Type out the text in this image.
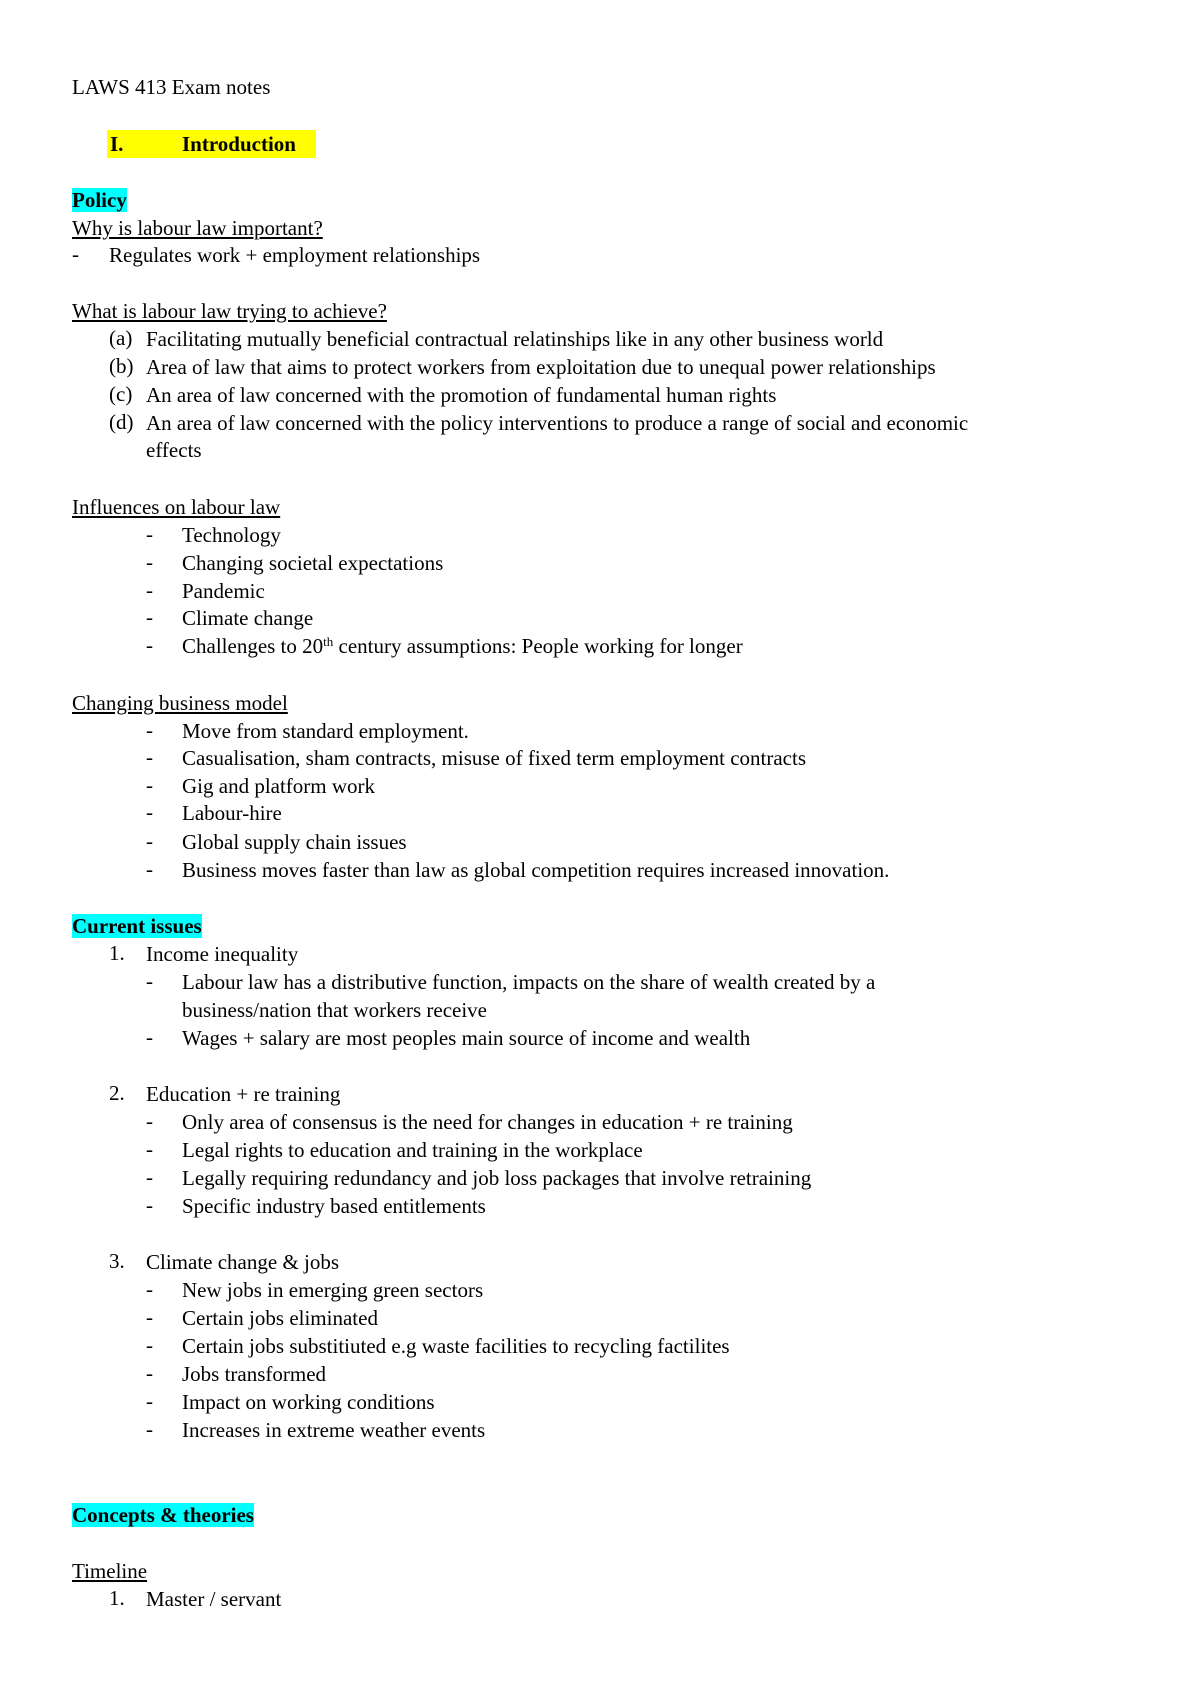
LAWS 413 Exam notes
I.	Introduction
Policy
Why is labour law important?
- Regulates work + employment relationships
What is labour law trying to achieve?
(a) Facilitating mutually beneficial contractual relatinships like in any other business world
(b) Area of law that aims to protect workers from exploitation due to unequal power relationships
(c) An area of law concerned with the promotion of fundamental human rights
(d) An area of law concerned with the policy interventions to produce a range of social and economic
effects
Influences on labour law
- Technology
- Changing societal expectations
- Pandemic
- Climate change
- Challenges to 20th century assumptions: People working for longer
Changing business model
- Move from standard employment.
- Casualisation, sham contracts, misuse of fixed term employment contracts
- Gig and platform work
- Labour-hire
- Global supply chain issues
- Business moves faster than law as global competition requires increased innovation.
Current issues
1. Income inequality
- Labour law has a distributive function, impacts on the share of wealth created by a
business/nation that workers receive
- Wages + salary are most peoples main source of income and wealth
2. Education + re training
- Only area of consensus is the need for changes in education + re training
- Legal rights to education and training in the workplace
- Legally requiring redundancy and job loss packages that involve retraining
- Specific industry based entitlements
3. Climate change & jobs
- New jobs in emerging green sectors
- Certain jobs eliminated
- Certain jobs substitiuted e.g waste facilities to recycling factilites
- Jobs transformed
- Impact on working conditions
- Increases in extreme weather events
Concepts & theories
Timeline
1. Master / servant
